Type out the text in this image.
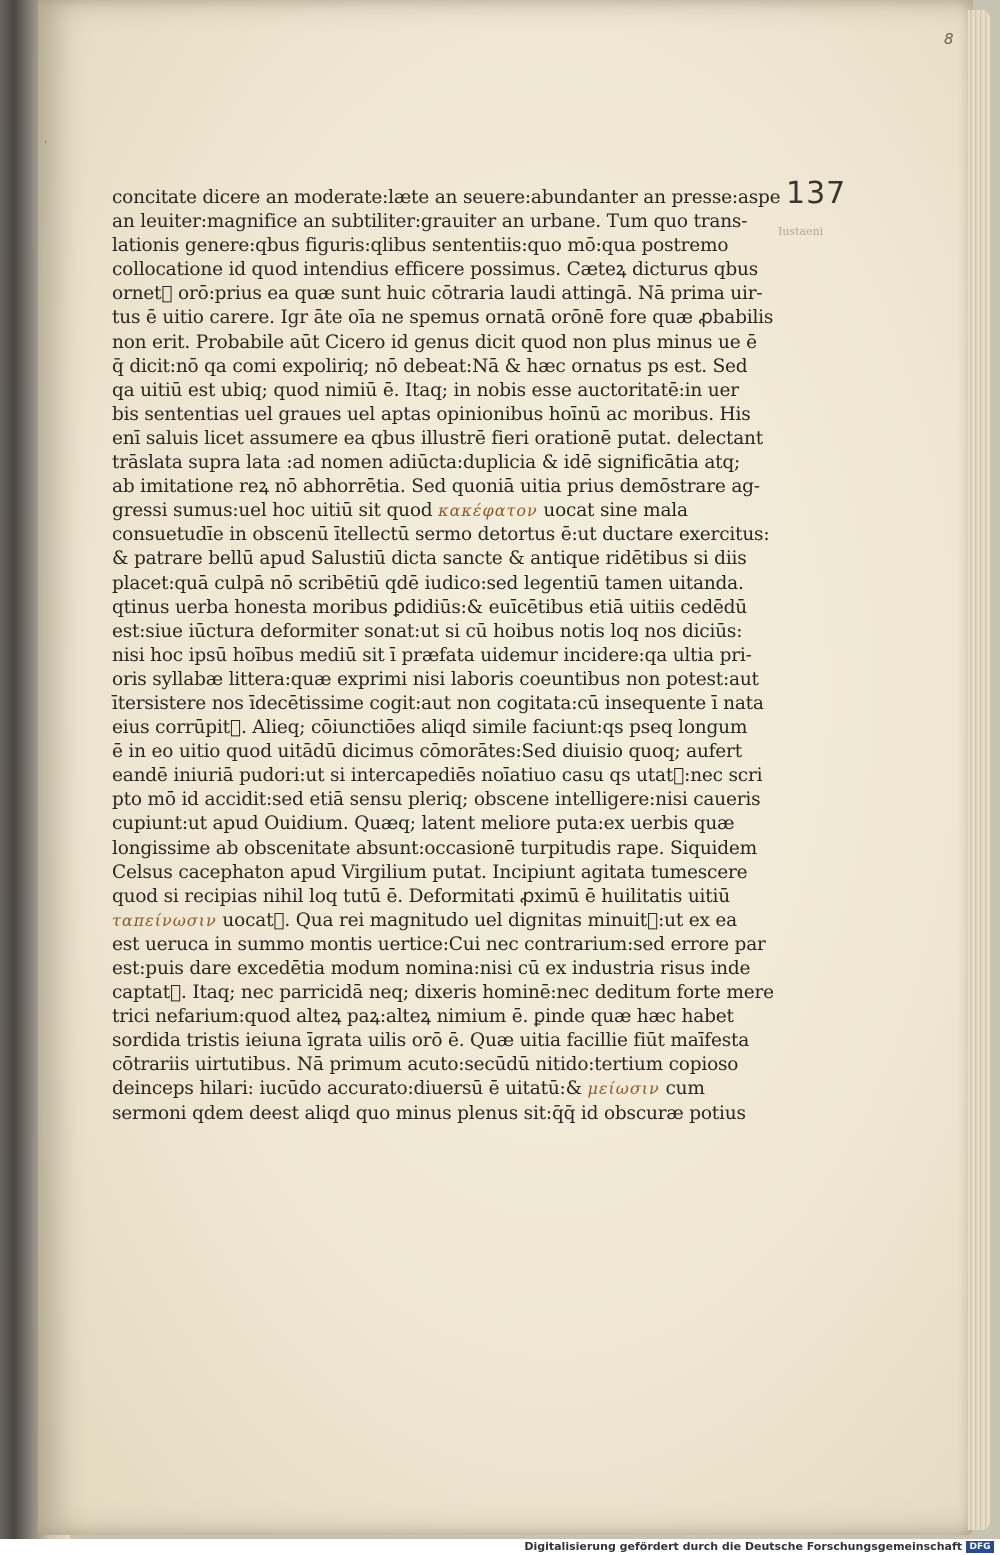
8
137
Iustaeni
'
concitate dicere an moderate:læte an seuere:abundanter an presse:aspe
an leuiter:magnifice an subtiliter:grauiter an urbane. Tum quo trans-
lationis genere:qbus figuris:qlibus sententiis:quo mō:qua postremo
collocatione id quod intendius efficere possimus. Cæteꝝ dicturus qbus
ornetᷓ orō:prius ea quæ sunt huic cōtraria laudi attingā. Nā prima uir-
tus ē uitio carere. Igr āte oīa ne spemus ornatā orōnē fore quæ ꝓbabilis
non erit. Probabile aūt Cicero id genus dicit quod non plus minus ue ē
q̄ dicit:nō qa comi expoliriq; nō debeat:Nā & hæc ornatus ps est. Sed
qa uitiū est ubiq; quod nimiū ē. Itaq; in nobis esse auctoritatē:in uer
bis sententias uel graues uel aptas opinionibus hoīnū ac moribus. His
enī saluis licet assumere ea qbus illustrē fieri orationē putat. delectant
trāslata supra lata :ad nomen adiūcta:duplicia & idē significātia atq;
ab imitatione reꝝ nō abhorrētia. Sed quoniā uitia prius demōstrare ag-
gressi sumus:uel hoc uitiū sit quod κακέφατον uocat sine mala
consuetudīe in obscenū ītellectū sermo detortus ē:ut ductare exercitus:
& patrare bellū apud Salustiū dicta sancte & antique ridētibus si diis
placet:quā culpā nō scribētiū qdē iudico:sed legentiū tamen uitanda.
qtinus uerba honesta moribus ꝑdidiūs:& euīcētibus etiā uitiis cedēdū
est:siue iūctura deformiter sonat:ut si cū hoibus notis loq nos diciūs:
nisi hoc ipsū hoībus mediū sit ī præfata uidemur incidere:qa ultia pri-
oris syllabæ littera:quæ exprimi nisi laboris coeuntibus non potest:aut
ītersistere nos īdecētissime cogit:aut non cogitata:cū insequente ī nata
eius corrūpitᷓ. Alieq; cōiunctiōes aliqd simile faciunt:qs pseq longum
ē in eo uitio quod uitādū dicimus cōmorātes:Sed diuisio quoq; aufert
eandē iniuriā pudori:ut si intercapediēs noīatiuo casu qs utatᷓ:nec scri
pto mō id accidit:sed etiā sensu pleriq; obscene intelligere:nisi caueris
cupiunt:ut apud Ouidium. Quæq; latent meliore puta:ex uerbis quæ
longissime ab obscenitate absunt:occasionē turpitudis rape. Siquidem
Celsus cacephaton apud Virgilium putat. Incipiunt agitata tumescere
quod si recipias nihil loq tutū ē. Deformitati ꝓximū ē huilitatis uitiū
ταπείνωσιν uocatᷓ. Qua rei magnitudo uel dignitas minuitᷓ:ut ex ea
est ueruca in summo montis uertice:Cui nec contrarium:sed errore par
est:puis dare excedētia modum nomina:nisi cū ex industria risus inde
captatᷓ. Itaq; nec parricidā neq; dixeris hominē:nec deditum forte mere
trici nefarium:quod alteꝝ paꝝ:alteꝝ nimium ē. ꝑinde quæ hæc habet
sordida tristis ieiuna īgrata uilis orō ē. Quæ uitia facillie fiūt maīfesta
cōtrariis uirtutibus. Nā primum acuto:secūdū nitido:tertium copioso
deinceps hilari: iucūdo accurato:diuersū ē uitatū:& μείωσιν cum
sermoni qdem deest aliqd quo minus plenus sit:q̄q̄ id obscuræ potius
Digitalisierung gefördert durch die Deutsche Forschungsgemeinschaft DFG
